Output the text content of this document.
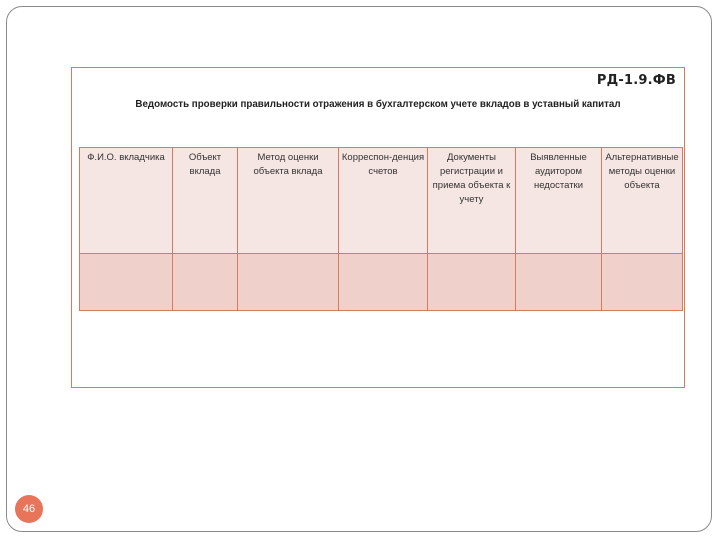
РД-1.9.ФВ
Ведомость проверки правильности отражения в бухгалтерском учете вкладов в уставный капитал
Ф.И.О. вкладчика	Объект вклада	Метод оценки объекта вклада	Корреспон-денция счетов	Документы регистрации и приема объекта к учету	Выявленные аудитором недостатки	Альтернативные методы оценки объекта

46
